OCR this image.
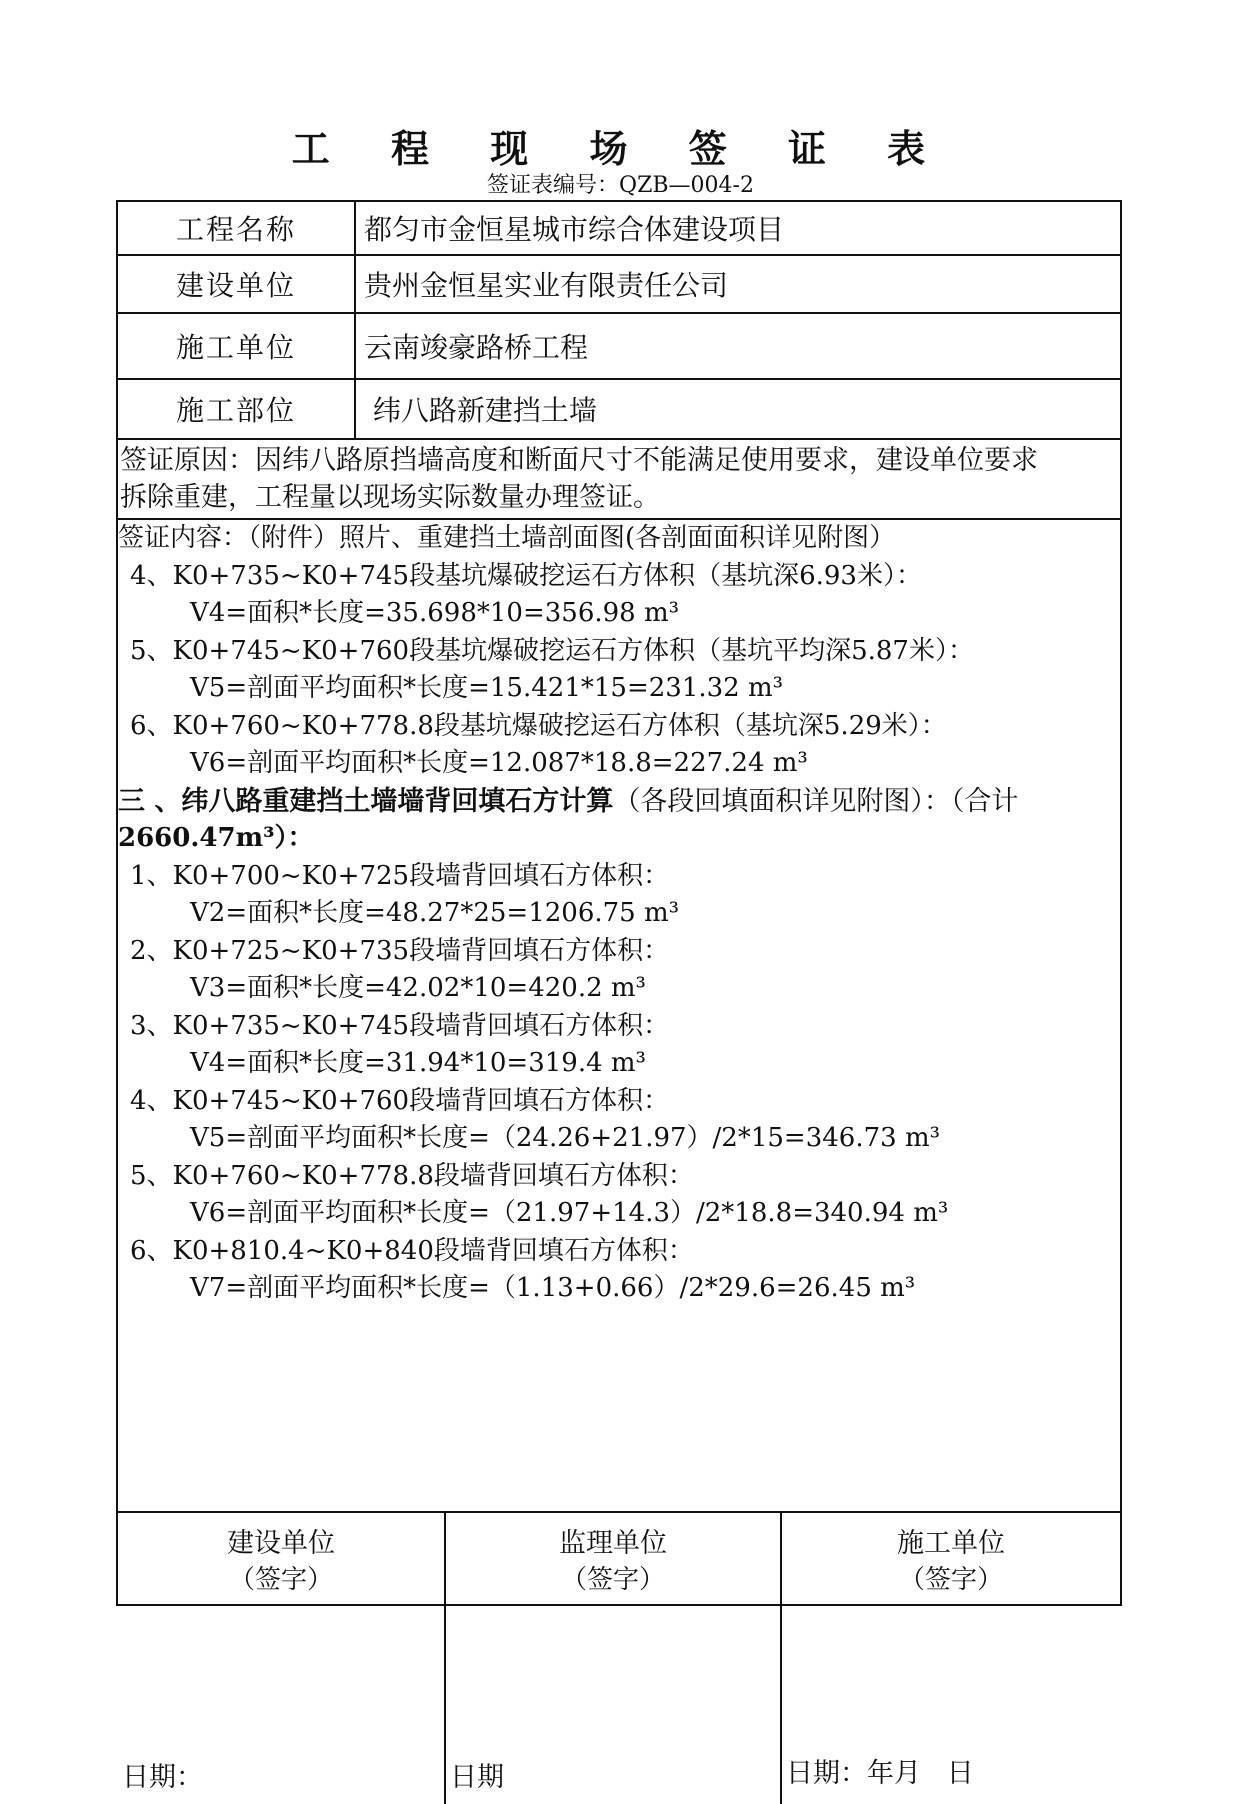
工 程 现 场 签 证 表
签证表编号：QZB—004-2
工程名称	都匀市金恒星城市综合体建设项目
建设单位	贵州金恒星实业有限责任公司
施工单位	云南竣豪路桥工程
施工部位	纬八路新建挡土墙
签证原因：因纬八路原挡墙高度和断面尺寸不能满足使用要求，建设单位要求
拆除重建，工程量以现场实际数量办理签证。
签证内容：（附件）照片、重建挡土墙剖面图(各剖面面积详见附图）
4、K0+735~K0+745段基坑爆破挖运石方体积（基坑深6.93米）：
V4=面积*长度=35.698*10=356.98 m³
5、K0+745~K0+760段基坑爆破挖运石方体积（基坑平均深5.87米）：
V5=剖面平均面积*长度=15.421*15=231.32 m³
6、K0+760~K0+778.8段基坑爆破挖运石方体积（基坑深5.29米）：
V6=剖面平均面积*长度=12.087*18.8=227.24 m³
三 、纬八路重建挡土墙墙背回填石方计算（各段回填面积详见附图）：（合计
2660.47m³）：
1、K0+700~K0+725段墙背回填石方体积：
V2=面积*长度=48.27*25=1206.75 m³
2、K0+725~K0+735段墙背回填石方体积：
V3=面积*长度=42.02*10=420.2 m³
3、K0+735~K0+745段墙背回填石方体积：
V4=面积*长度=31.94*10=319.4 m³
4、K0+745~K0+760段墙背回填石方体积：
V5=剖面平均面积*长度=（24.26+21.97）/2*15=346.73 m³
5、K0+760~K0+778.8段墙背回填石方体积：
V6=剖面平均面积*长度=（21.97+14.3）/2*18.8=340.94 m³
6、K0+810.4~K0+840段墙背回填石方体积：
V7=剖面平均面积*长度=（1.13+0.66）/2*29.6=26.45 m³
建设单位
（签字）
日期：
监理单位
（签字）
日期
施工单位
（签字）
日期：年月   日
